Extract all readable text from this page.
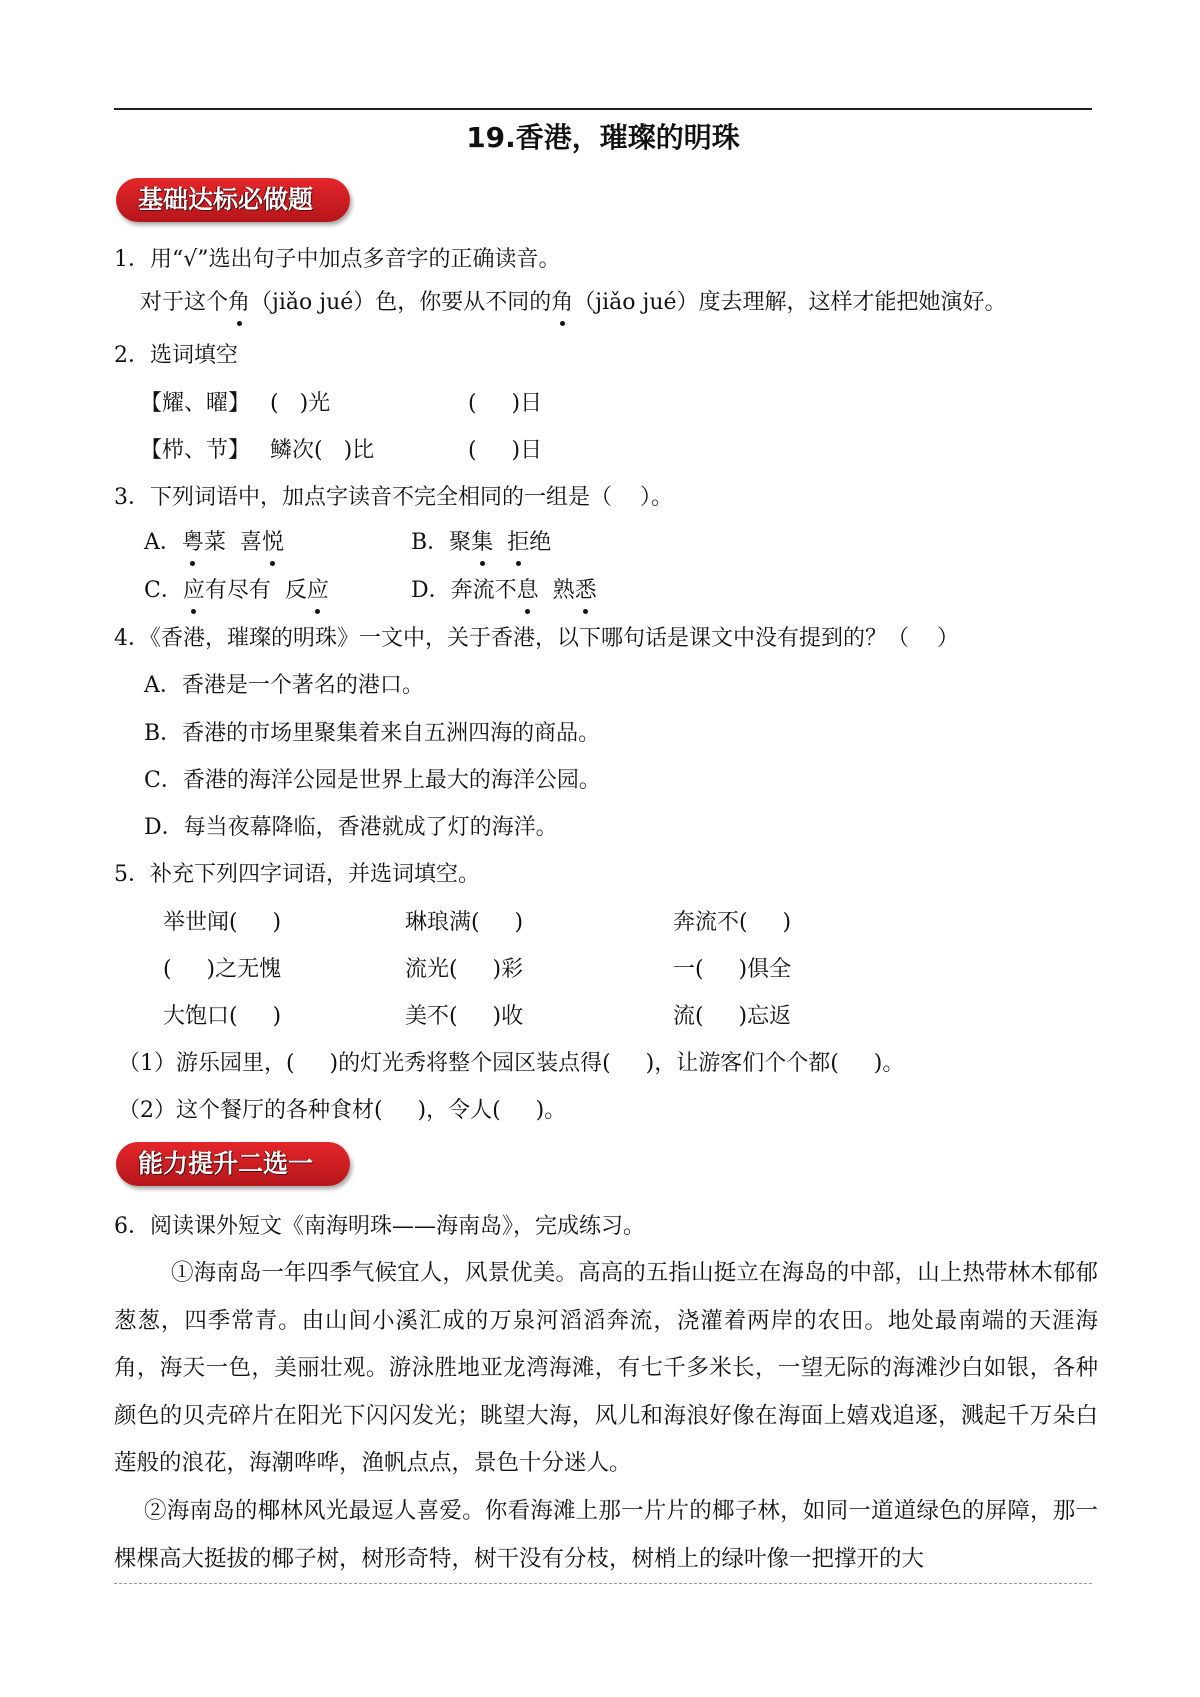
19.香港，璀璨的明珠
基础达标必做题
1．用“√”选出句子中加点多音字的正确读音。
对于这个角（jiǎo jué）色，你要从不同的角（jiǎo jué）度去理解，这样才能把她演好。
2．选词填空
【耀、曜】 (   )光	(     )日
【栉、节】 鳞次(   )比	(     )日
3．下列词语中，加点字读音不完全相同的一组是（    ）。
A．粤菜 喜悦	B．聚集 拒绝
C．应有尽有 反应	D．奔流不息 熟悉
4．《香港，璀璨的明珠》一文中，关于香港，以下哪句话是课文中没有提到的？（    ）
A．香港是一个著名的港口。
B．香港的市场里聚集着来自五洲四海的商品。
C．香港的海洋公园是世界上最大的海洋公园。
D．每当夜幕降临，香港就成了灯的海洋。
5．补充下列四字词语，并选词填空。
举世闻(     )	琳琅满(     )	奔流不(     )
(     )之无愧	流光(     )彩	一(     )俱全
大饱口(     )	美不(     )收	流(     )忘返
（1）游乐园里，(     )的灯光秀将整个园区装点得(     )，让游客们个个都(     )。
（2）这个餐厅的各种食材(     )，令人(     )。
能力提升二选一
6．阅读课外短文《南海明珠——海南岛》，完成练习。

①海南岛一年四季气候宜人，风景优美。高高的五指山挺立在海岛的中部，山上热带林木郁郁葱葱，四季常青。由山间小溪汇成的万泉河滔滔奔流，浇灌着两岸的农田。地处最南端的天涯海角，海天一色，美丽壮观。游泳胜地亚龙湾海滩，有七千多米长，一望无际的海滩沙白如银，各种颜色的贝壳碎片在阳光下闪闪发光；眺望大海，风儿和海浪好像在海面上嬉戏追逐，溅起千万朵白莲般的浪花，海潮哗哗，渔帆点点，景色十分迷人。

②海南岛的椰林风光最逗人喜爱。你看海滩上那一片片的椰子林，如同一道道绿色的屏障，那一棵棵高大挺拔的椰子树，树形奇特，树干没有分枝，树梢上的绿叶像一把撑开的大
